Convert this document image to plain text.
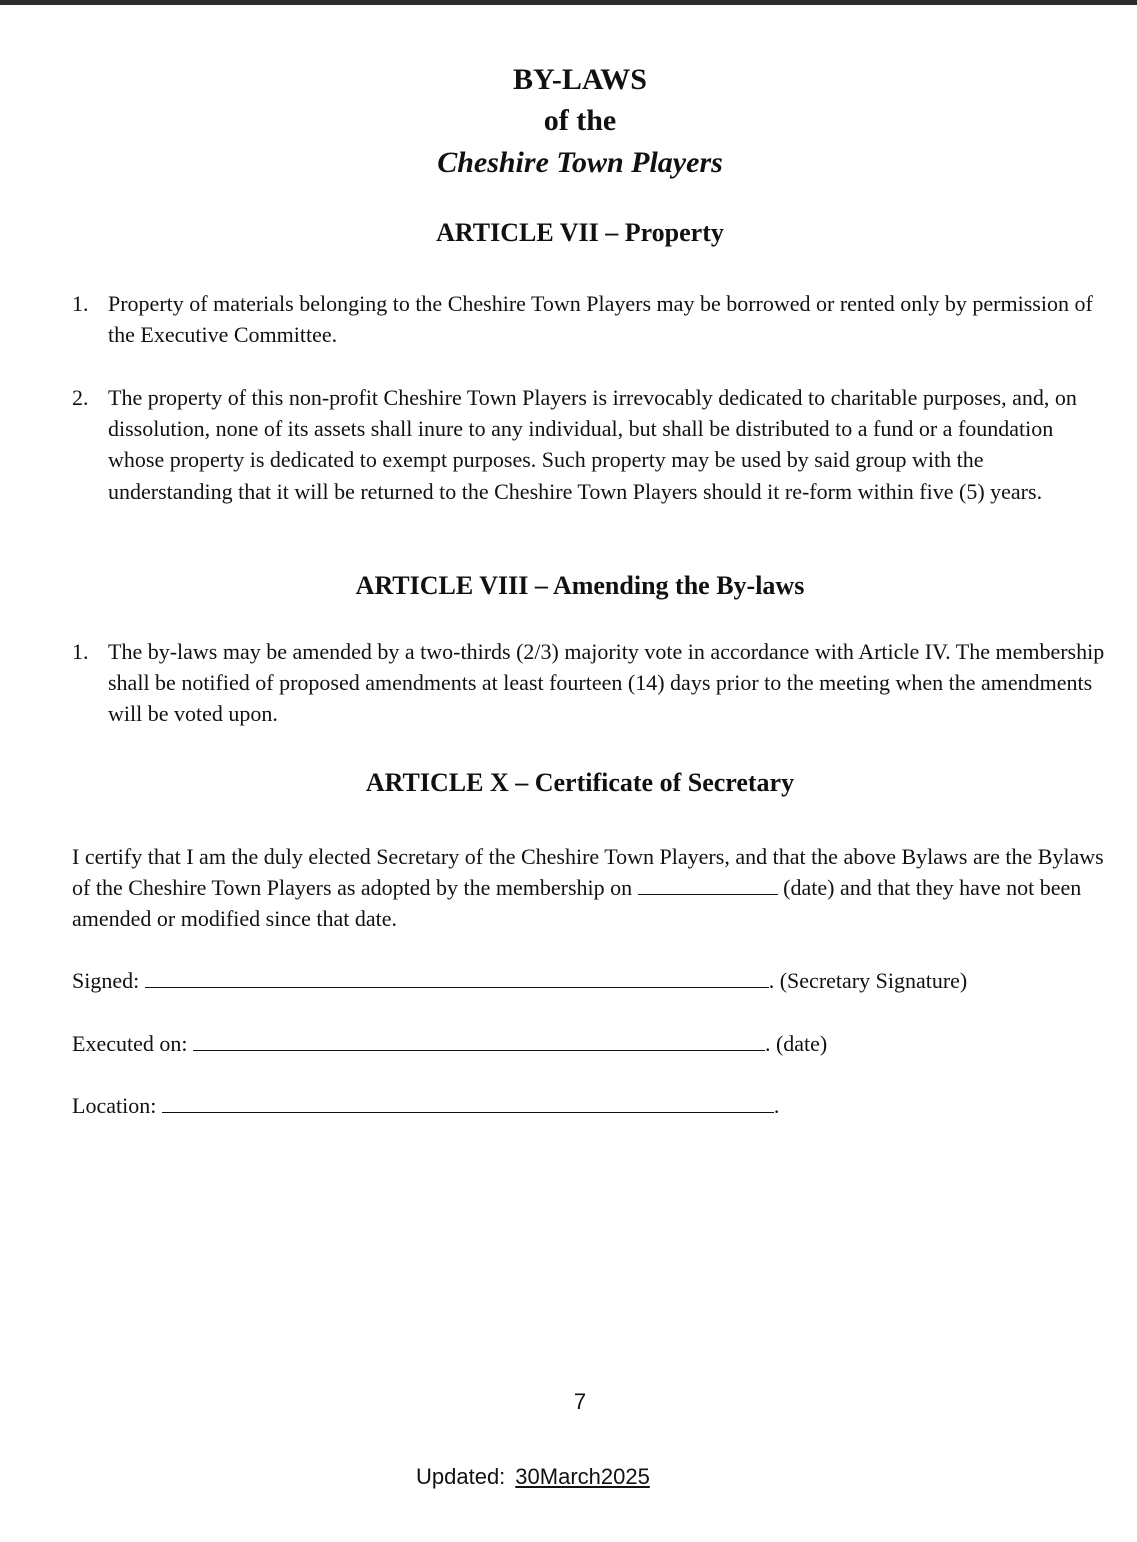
BY-LAWS
of the
Cheshire Town Players
ARTICLE VII – Property
1. Property of materials belonging to the Cheshire Town Players may be borrowed or rented only by permission of the Executive Committee.
2. The property of this non-profit Cheshire Town Players is irrevocably dedicated to charitable purposes, and, on dissolution, none of its assets shall inure to any individual, but shall be distributed to a fund or a foundation whose property is dedicated to exempt purposes. Such property may be used by said group with the understanding that it will be returned to the Cheshire Town Players should it re-form within five (5) years.
ARTICLE VIII – Amending the By-laws
1. The by-laws may be amended by a two-thirds (2/3) majority vote in accordance with Article IV. The membership shall be notified of proposed amendments at least fourteen (14) days prior to the meeting when the amendments will be voted upon.
ARTICLE X – Certificate of Secretary
I certify that I am the duly elected Secretary of the Cheshire Town Players, and that the above Bylaws are the Bylaws of the Cheshire Town Players as adopted by the membership on	(date) and that they have not been amended or modified since that date.
Signed:	. (Secretary Signature)
Executed on:	. (date)
Location:	.
7
Updated: 30March2025
